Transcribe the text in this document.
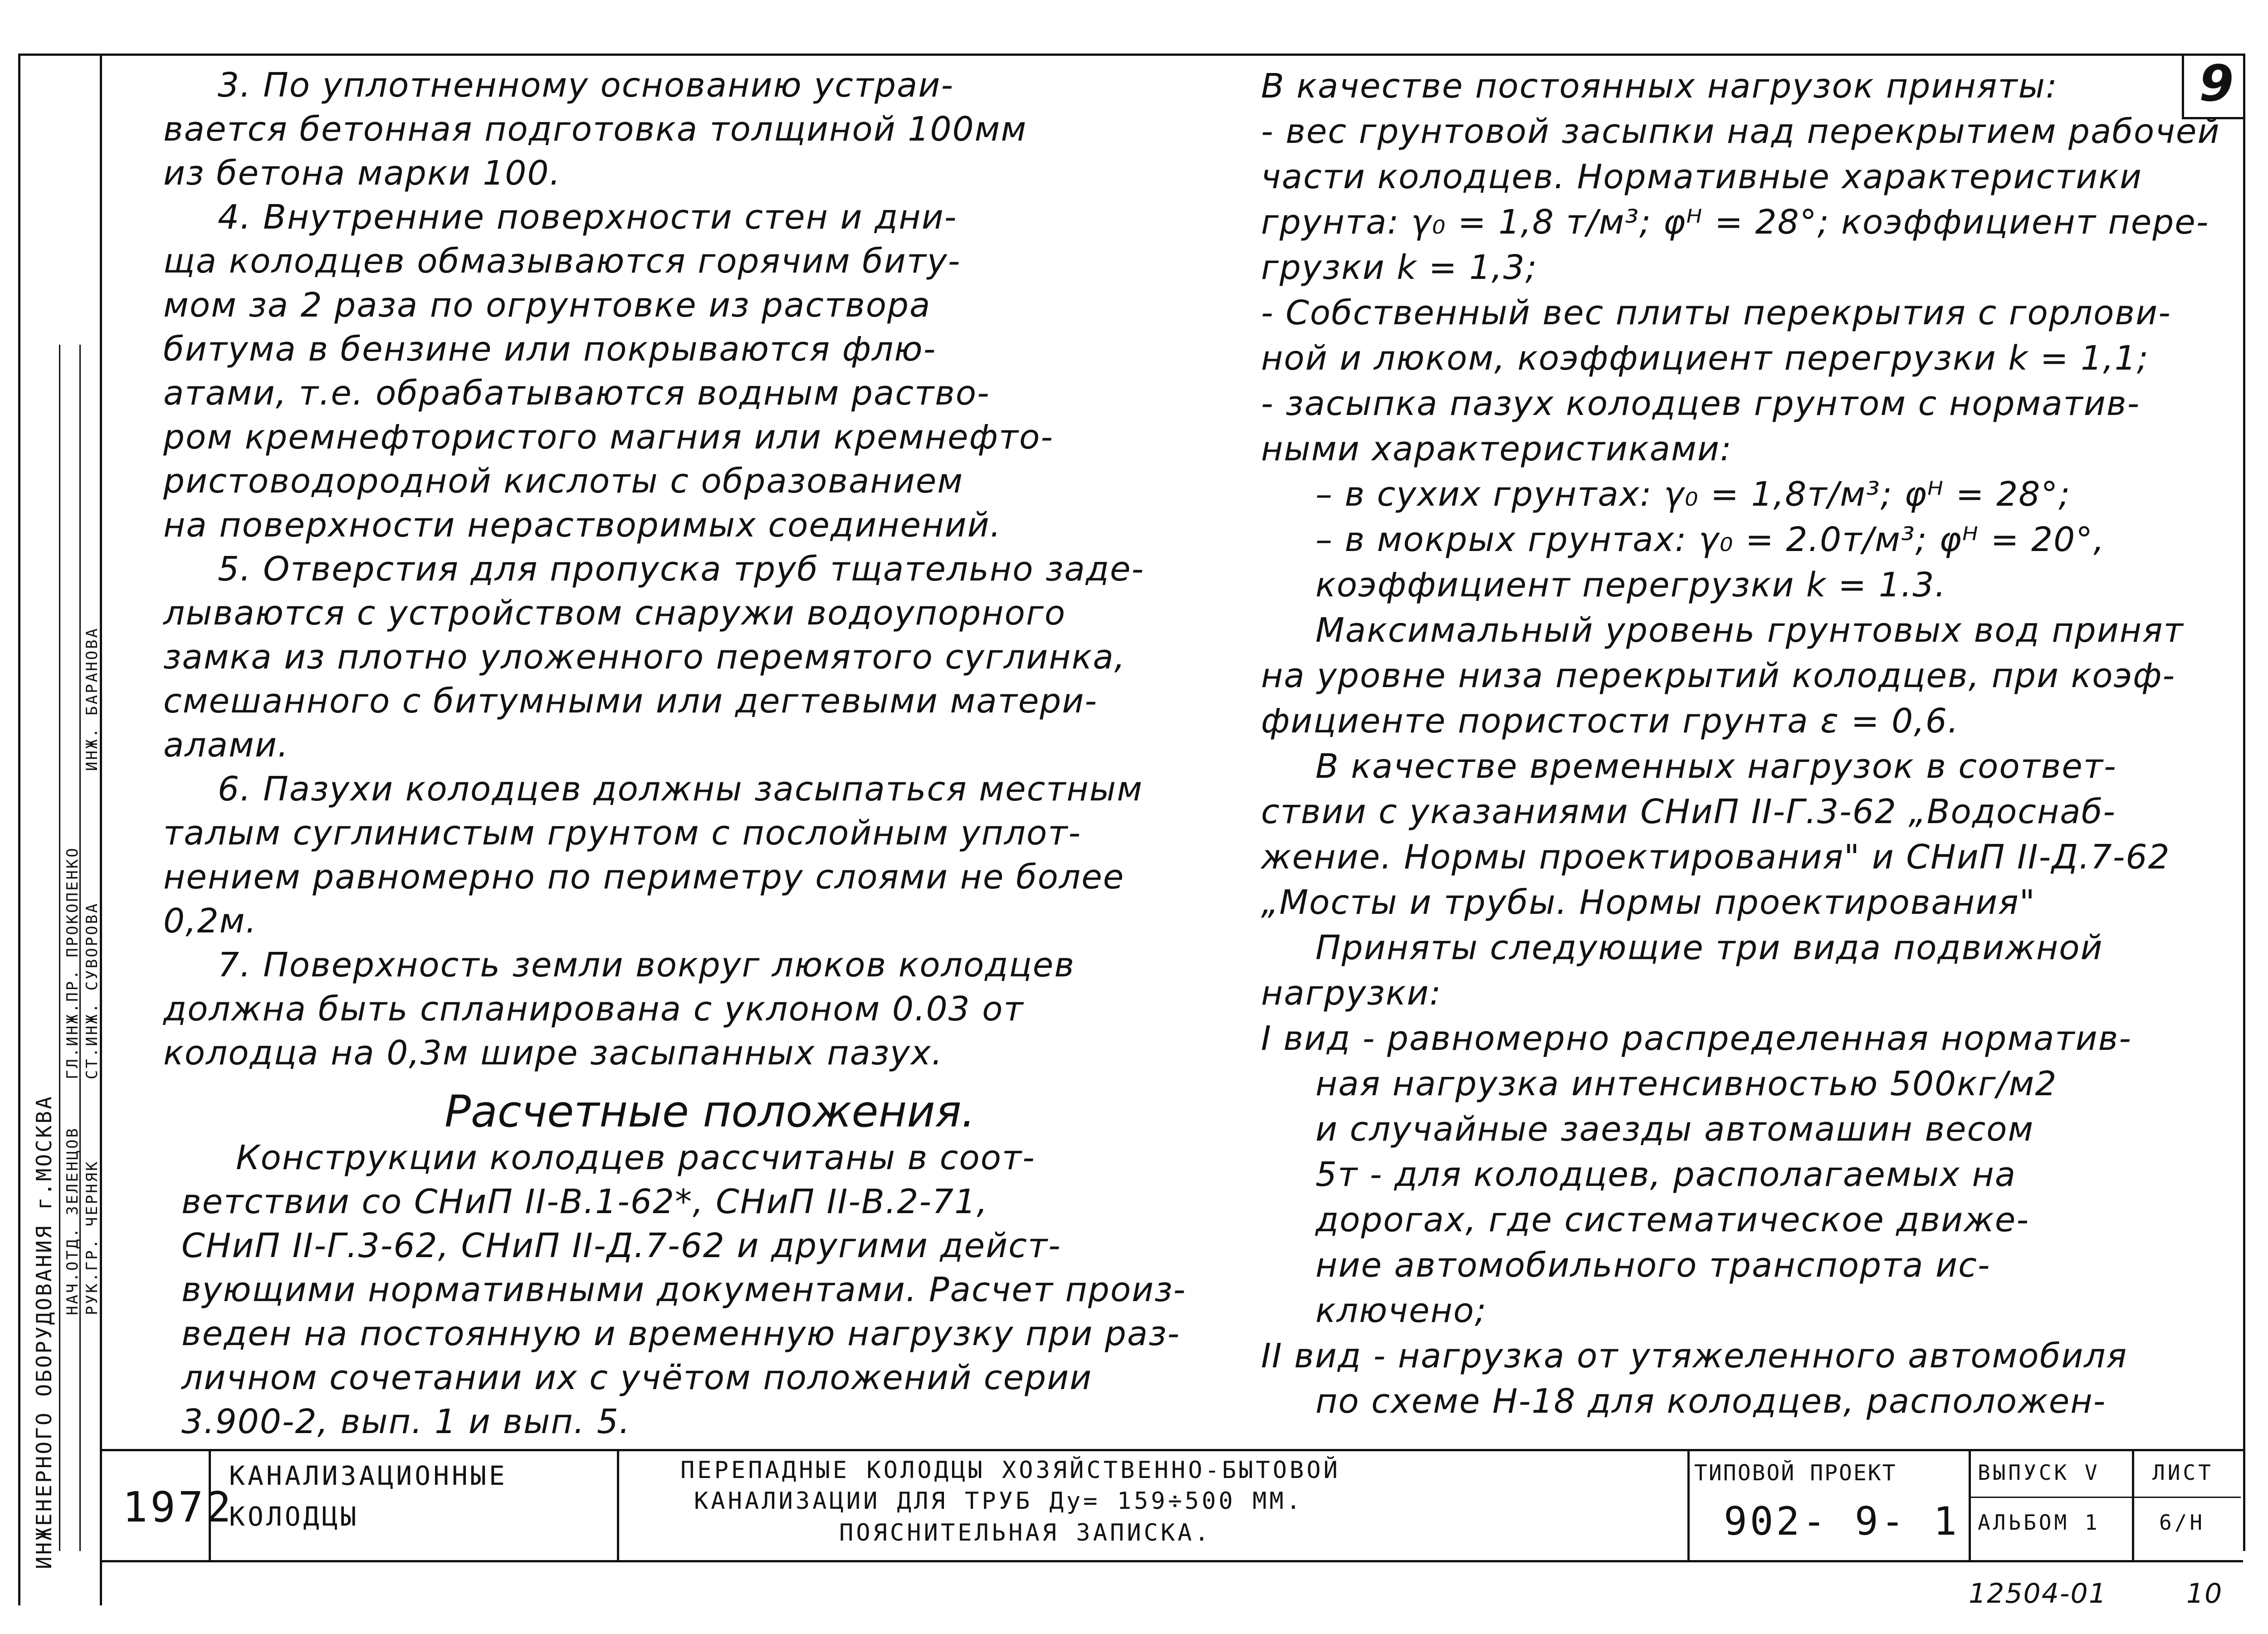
9
ИНЖЕНЕРНОГО ОБОРУДОВАНИЯ г.МОСКВА НАЧ.ОТД. ЗЕЛЕНЦОВ
ГЛ.ИНЖ.ПР. ПРОКОПЕНКО
РУК.ГР. ЧЕРНЯК
СТ.ИНЖ. СУВОРОВА
ИНЖ. БАРАНОВА
3. По уплотненному основанию устраи-
вается бетонная подготовка толщиной 100мм
из бетона марки 100.
4. Внутренние поверхности стен и дни-
ща колодцев обмазываются горячим биту-
мом за 2 раза по огрунтовке из раствора
битума в бензине или покрываются флю-
атами, т.е. обрабатываются водным раство-
ром кремнефтористого магния или кремнефто-
ристоводородной кислоты с образованием
на поверхности нерастворимых соединений.
5. Отверстия для пропуска труб тщательно заде-
лываются с устройством снаружи водоупорного
замка из плотно уложенного перемятого суглинка,
смешанного с битумными или дегтевыми матери-
алами.
6. Пазухи колодцев должны засыпаться местным
талым суглинистым грунтом с послойным уплот-
нением равномерно по периметру слоями не более
0,2м.
7. Поверхность земли вокруг люков колодцев
должна быть спланирована с уклоном 0.03 от
колодца на 0,3м шире засыпанных пазух.
Расчетные положения.
Конструкции колодцев рассчитаны в соот-
ветствии со СНиП II-В.1-62*, СНиП II-В.2-71,
СНиП II-Г.3-62, СНиП II-Д.7-62 и другими дейст-
вующими нормативными документами. Расчет произ-
веден на постоянную и временную нагрузку при раз-
личном сочетании их с учётом положений серии
3.900-2, вып. 1 и вып. 5.
В качестве постоянных нагрузок приняты:
- вес грунтовой засыпки над перекрытием рабочей
части колодцев. Нормативные характеристики
грунта: γ₀ = 1,8 т/м³; φᴴ = 28°; коэффициент пере-
грузки k = 1,3;
- Собственный вес плиты перекрытия с горлови-
ной и люком, коэффициент перегрузки k = 1,1;
- засыпка пазух колодцев грунтом с норматив-
ными характеристиками:
– в сухих грунтах: γ₀ = 1,8т/м³; φᴴ = 28°;
– в мокрых грунтах: γ₀ = 2.0т/м³; φᴴ = 20°,
коэффициент перегрузки k = 1.3.
Максимальный уровень грунтовых вод принят
на уровне низа перекрытий колодцев, при коэф-
фициенте пористости грунта ε = 0,6.
В качестве временных нагрузок в соответ-
ствии с указаниями СНиП II-Г.3-62 „Водоснаб-
жение. Нормы проектирования" и СНиП II-Д.7-62
„Мосты и трубы. Нормы проектирования"
Приняты следующие три вида подвижной
нагрузки:
I вид - равномерно распределенная норматив-
ная нагрузка интенсивностью 500кг/м2
и случайные заезды автомашин весом
5т - для колодцев, располагаемых на
дорогах, где систематическое движе-
ние автомобильного транспорта ис-
ключено;
II вид - нагрузка от утяжеленного автомобиля
по схеме Н-18 для колодцев, расположен-
1972
КАНАЛИЗАЦИОННЫЕ
КОЛОДЦЫ
ПЕРЕПАДНЫЕ КОЛОДЦЫ ХОЗЯЙСТВЕННО-БЫТОВОЙ
КАНАЛИЗАЦИИ ДЛЯ ТРУБ Ду= 159÷500 ММ.
ПОЯСНИТЕЛЬНАЯ ЗАПИСКА.
ТИПОВОЙ ПРОЕКТ
902- 9- 1
ВЫПУСК V
АЛЬБОМ 1
ЛИСТ
6/Н
12504-01	10
